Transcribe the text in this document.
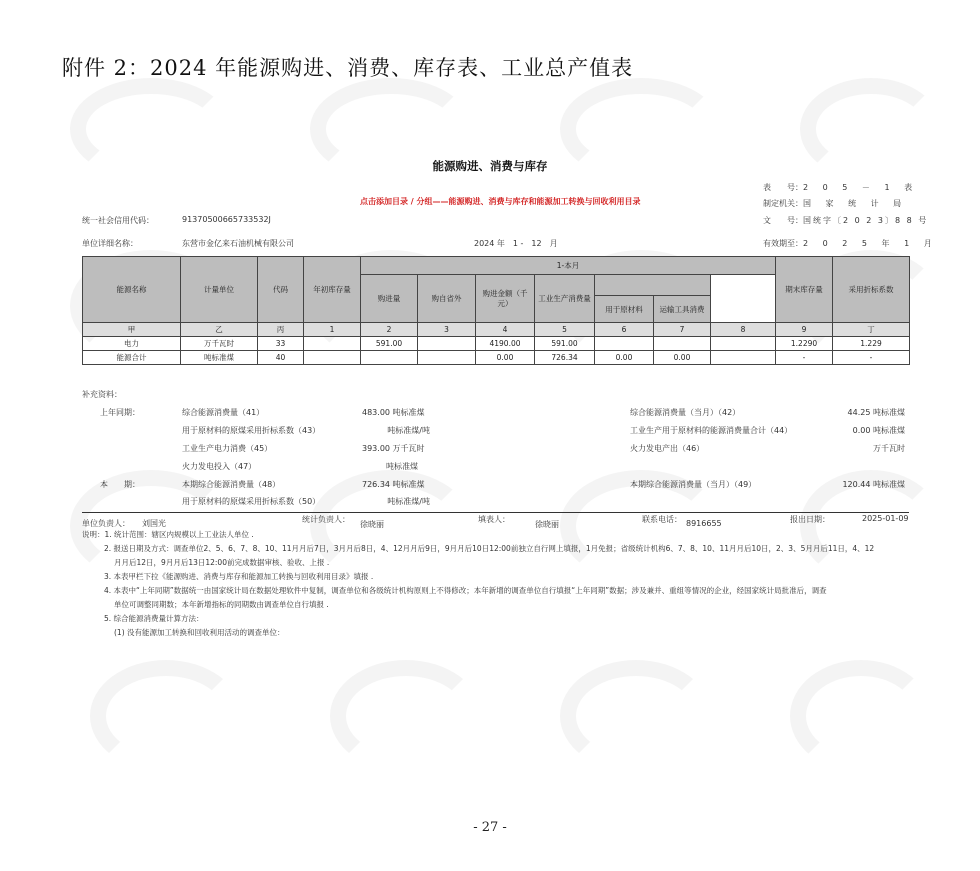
附件 2：2024 年能源购进、消费、库存表、工业总产值表
能源购进、消费与库存
表　　号：2 0 5 － 1 表
点击添加目录 / 分组——能源购进、消费与库存和能源加工转换与回收利用目录	制定机关：国 家 统 计 局
文　　号：国统字〔2 0 2 3〕8 8 号
有效期至：2 0 2 5 年 1 月
统一社会信用代码：	91370500665733532J
单位详细名称：	东营市金亿来石油机械有限公司	2024 年　1 -　12　月
能源名称	计量单位	代码	年初库存量	1-本月							期末库存量	采用折标系数	
				购进量	购自省外	购进金额（千元）	工业生产消费量						
								用于原材料	运输工具消费				
甲	乙	丙	1	2	3	4	5	6	7	8	9	丁	
电力	万千瓦时	33		591.00		4190.00	591.00				1.2290	1.229	
能源合计	吨标准煤	40				0.00	726.34	0.00	0.00		-	-	
补充资料：
上年同期：
本　　期：
综合能源消费量（41）	483.00 吨标准煤
用于原材料的原煤采用折标系数（43）	吨标准煤/吨
工业生产电力消费（45）	393.00 万千瓦时
火力发电投入（47）	吨标准煤
本期综合能源消费量（48）	726.34 吨标准煤
用于原材料的原煤采用折标系数（50）	吨标准煤/吨
综合能源消费量（当月）（42）	44.25 吨标准煤
工业生产用于原材料的能源消费量合计（44）	0.00 吨标准煤
火力发电产出（46）	万千瓦时
本期综合能源消费量（当月）（49）	120.44 吨标准煤
单位负责人： 刘国光	统计负责人：
徐晓丽
填表人：
徐晓丽
联系电话： 8916655	报出日期：	2025-01-09
说明：1. 统计范围：辖区内规模以上工业法人单位 .
2. 报送日期及方式：调查单位2、5、6、7、8、10、11月月后7日，3月月后8日，4、12月月后9日，9月月后10日12:00前独立自行网上填报，1月免报；省级统计机构6、7、8、10、11月月后10日，2、3、5月月后11日，4、12
月月后12日，9月月后13日12:00前完成数据审核、验收、上报 .
3. 本表甲栏下拉《能源购进、消费与库存和能源加工转换与回收利用目录》填报 .
4. 本表中“上年同期”数据统一由国家统计局在数据处理软件中复制，调查单位和各级统计机构原则上不得修改；本年新增的调查单位自行填报“上年同期”数据；涉及兼并、重组等情况的企业，经国家统计局批准后，调查
单位可调整同期数；本年新增指标的同期数由调查单位自行填报 .
5. 综合能源消费量计算方法：
(1) 没有能源加工转换和回收利用活动的调查单位：
- 27 -
